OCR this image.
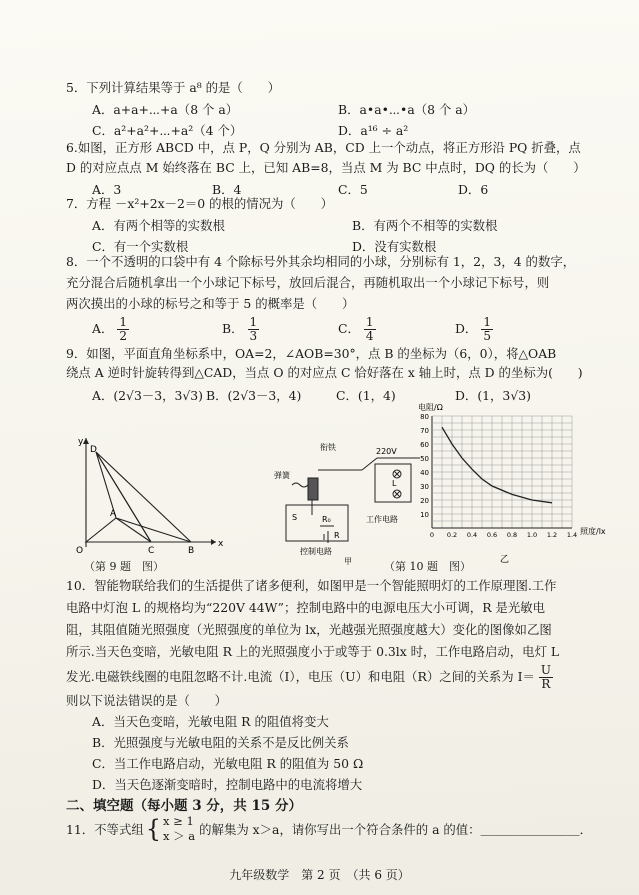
5．下列计算结果等于 a⁸ 的是（　　）
A．a+a+⋯+a（8 个 a）	B．a•a•⋯•a（8 个 a）
C．a²+a²+⋯+a²（4 个）	D．a¹⁶ ÷ a²
6.如图，正方形 ABCD 中，点 P，Q 分别为 AB，CD 上一个动点，将正方形沿 PQ 折叠，点
D 的对应点点 M 始终落在 BC 上，已知 AB=8，当点 M 为 BC 中点时，DQ 的长为（　　）
A．3	B．4	C．5	D．6
7．方程 －x²+2x－2＝0 的根的情况为（　　）
A．有两个相等的实数根	B．有两个不相等的实数根
C．有一个实数根	D．没有实数根
8．一个不透明的口袋中有 4 个除标号外其余均相同的小球，分别标有 1，2，3，4 的数字，
充分混合后随机拿出一个小球记下标号，放回后混合，再随机取出一个小球记下标号，则
两次摸出的小球的标号之和等于 5 的概率是（　　）
A． $\frac{1}{2}$	B． $\frac{1}{3}$	C． $\frac{1}{4}$	D． $\frac{1}{5}$
9．如图，平面直角坐标系中，OA=2，∠AOB=30°，点 B 的坐标为（6，0），将△OAB
绕点 A 逆时针旋转得到△CAD，当点 O 的对应点 C 恰好落在 x 轴上时，点 D 的坐标为(　　)
A．(2√3－3，3√3) B．(2√3－3，4)	C．(1，4)	D．(1，3√3)
y
x
D
A
O	C	B
（第 9 题　图）
衔铁
弹簧
220V
L
R₀
S
R
工作电路
控制电路
甲
电阻/Ω
照度/lx
乙
80
70
60
50
40
30
20
10
0 0.2 0.4 0.6 0.8 1.0 1.2 1.4
（第 10 题　图）
10．智能物联给我们的生活提供了诸多便利，如图甲是一个智能照明灯的工作原理图.工作
电路中灯泡 L 的规格均为“220V 44W”；控制电路中的电源电压大小可调，R 是光敏电
阻，其阻值随光照强度（光照强度的单位为 lx，光越强光照强度越大）变化的图像如乙图
所示.当天色变暗，光敏电阻 R 上的光照强度小于或等于 0.3lx 时，工作电路启动，电灯 L
发光.电磁铁线圈的电阻忽略不计.电流（I），电压（U）和电阻（R）之间的关系为 $I= \frac{U}{R}$
则以下说法错误的是（　　）
A．当天色变暗，光敏电阻 R 的阻值将变大
B．光照强度与光敏电阻的关系不是反比例关系
C．当工作电路启动，光敏电阻 R 的阻值为 50 Ω
D．当天色逐渐变暗时，控制电路中的电流将增大
二、填空题（每小题 3 分，共 15 分）
11．不等式组 { x ≥ 1
x ＞ a 的解集为 x＞a，请你写出一个符合条件的 a 的值：＿＿＿＿＿＿＿＿．
九年级数学　第 2 页　（共 6 页）
